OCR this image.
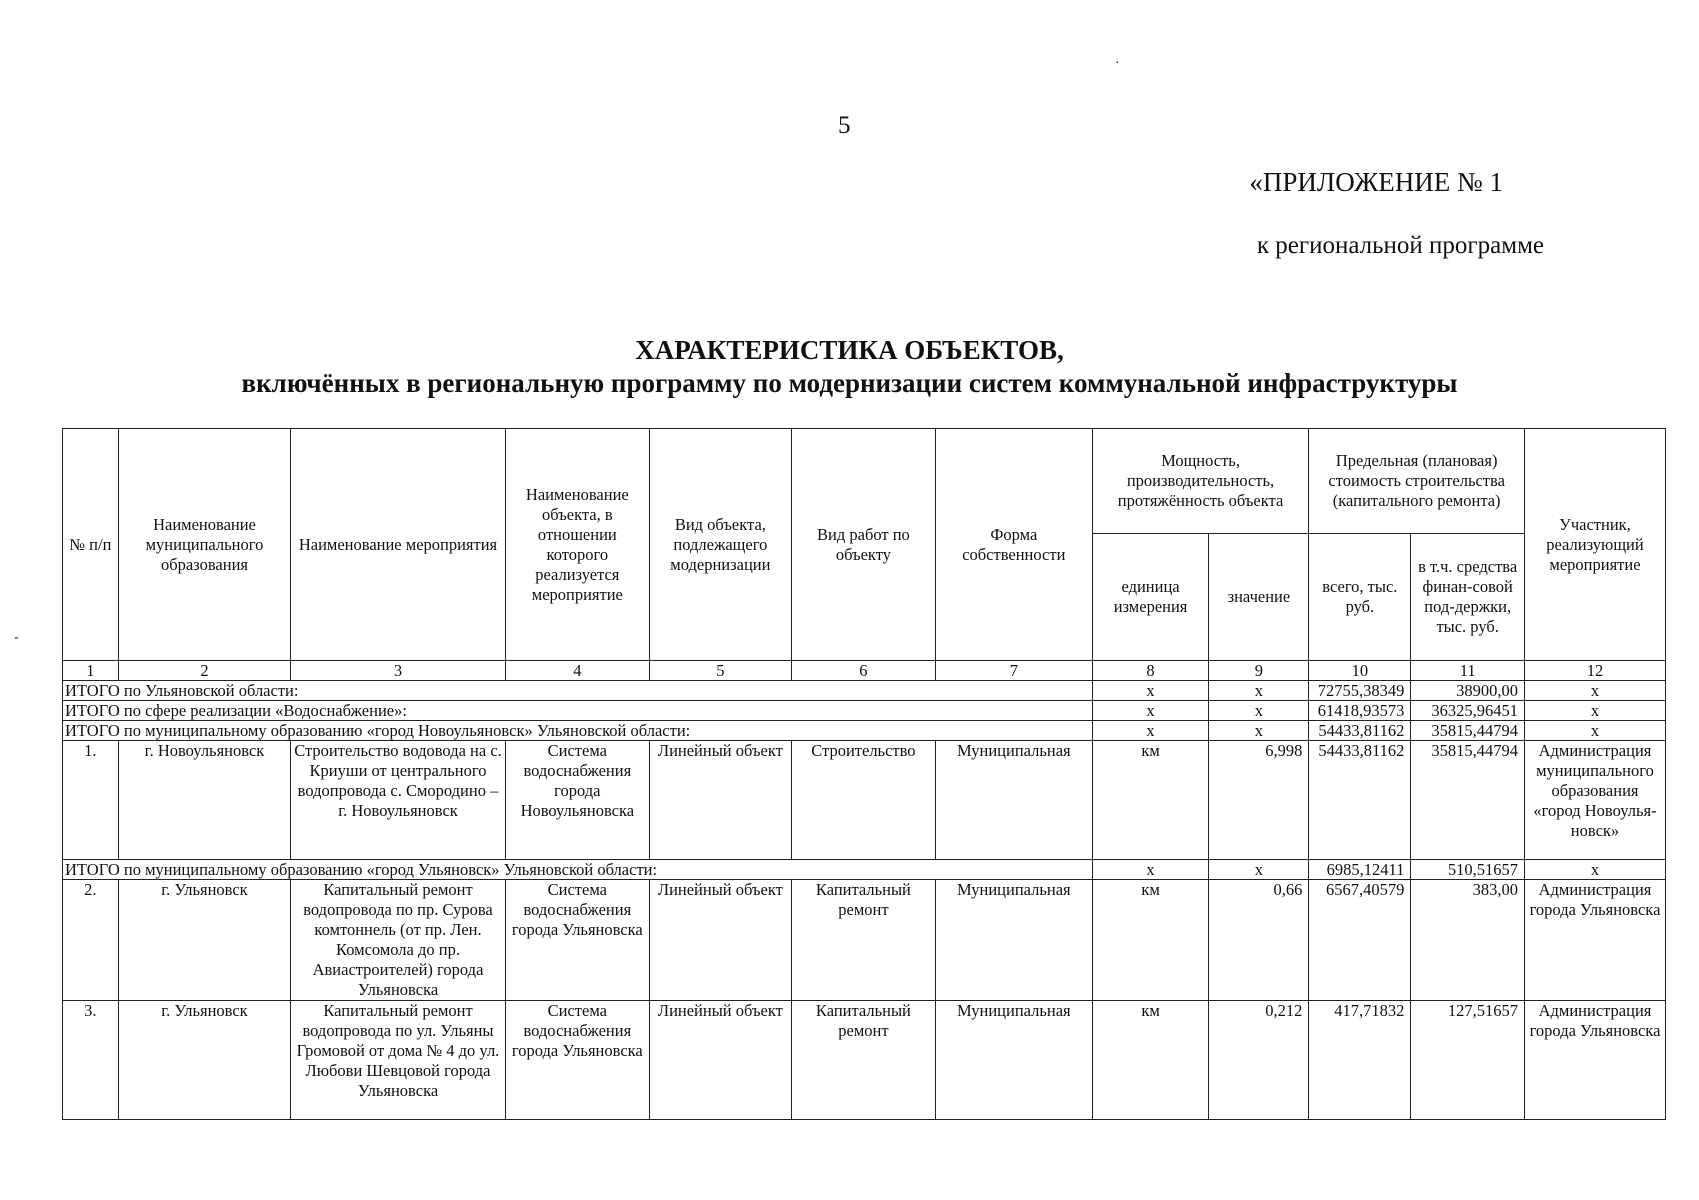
5
«ПРИЛОЖЕНИЕ № 1
к региональной программе
ХАРАКТЕРИСТИКА ОБЪЕКТОВ,
включённых в региональную программу по модернизации систем коммунальной инфраструктуры
·
-
№ п/п	Наименование муниципального образования	Наименование мероприятия	Наименование объекта, в отношении которого реализуется мероприятие	Вид объекта, подлежащего модернизации	Вид работ по объекту	Форма собственности	Мощность, производительность, протяжённость объекта		Предельная (плановая) стоимость строительства (капитального ремонта)		Участник, реализующий мероприятие
							единица измерения	значение	всего, тыс. руб.	в т.ч. средства финан-совой под-держки, тыс. руб.	
1	2	3	4	5	6	7	8	9	10	11	12
ИТОГО по Ульяновской области:							х	х	72755,38349	38900,00	х
ИТОГО по сфере реализации «Водоснабжение»:							х	х	61418,93573	36325,96451	х
ИТОГО по муниципальному образованию «город Новоульяновск» Ульяновской области:							х	х	54433,81162	35815,44794	х
1.	г. Новоульяновск	Строительство водовода на с. Криуши от центрального водопровода с. Смородино – г. Новоульяновск	Система водоснабжения города Новоульяновска	Линейный объект	Строительство	Муниципальная	км	6,998	54433,81162	35815,44794	Администрация муниципального образования «город Новоулья-новск»
ИТОГО по муниципальному образованию «город Ульяновск» Ульяновской области:							х	х	6985,12411	510,51657	х
2.	г. Ульяновск	Капитальный ремонт водопровода по пр. Сурова комтоннель (от пр. Лен. Комсомола до пр. Авиастроителей) города Ульяновска	Система водоснабжения города Ульяновска	Линейный объект	Капитальный ремонт	Муниципальная	км	0,66	6567,40579	383,00	Администрация города Ульяновска
3.	г. Ульяновск	Капитальный ремонт водопровода по ул. Ульяны Громовой от дома № 4 до ул. Любови Шевцовой города Ульяновска	Система водоснабжения города Ульяновска	Линейный объект	Капитальный ремонт	Муниципальная	км	0,212	417,71832	127,51657	Администрация города Ульяновска
